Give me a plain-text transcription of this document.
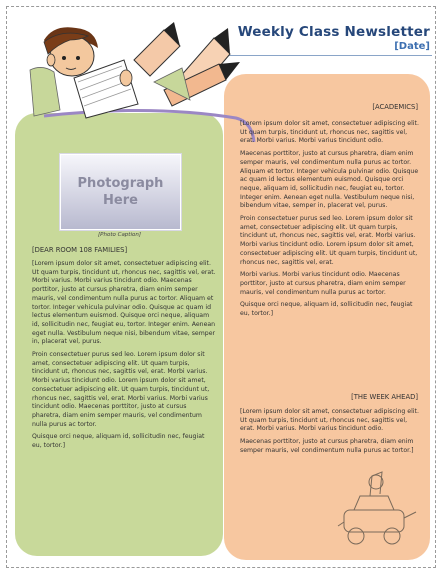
Weekly Class Newsletter
[Date]
Photograph
Here
[Photo Caption]
[DEAR ROOM 108 FAMILIES]

[Lorem ipsum dolor sit amet, consectetuer adipiscing elit. Ut quam turpis, tincidunt ut, rhoncus nec, sagittis vel, erat. Morbi varius. Morbi varius tincidunt odio. Maecenas porttitor, justo at cursus pharetra, diam enim semper mauris, vel condimentum nulla purus ac tortor. Aliquam et tortor. Integer vehicula pulvinar odio. Quisque ac quam id lectus elementum euismod. Quisque orci neque, aliquam id, sollicitudin nec, feugiat eu, tortor. Integer enim. Aenean eget nulla. Vestibulum neque nisi, bibendum vitae, semper in, placerat vel, purus.

Proin consectetuer purus sed leo. Lorem ipsum dolor sit amet, consectetuer adipiscing elit. Ut quam turpis, tincidunt ut, rhoncus nec, sagittis vel, erat. Morbi varius. Morbi varius tincidunt odio. Lorem ipsum dolor sit amet, consectetuer adipiscing elit. Ut quam turpis, tincidunt ut, rhoncus nec, sagittis vel, erat. Morbi varius. Morbi varius tincidunt odio. Maecenas porttitor, justo at cursus pharetra, diam enim semper mauris, vel condimentum nulla purus ac tortor.

Quisque orci neque, aliquam id, sollicitudin nec, feugiat eu, tortor.]

[ACADEMICS]

[Lorem ipsum dolor sit amet, consectetuer adipiscing elit. Ut quam turpis, tincidunt ut, rhoncus nec, sagittis vel, erat. Morbi varius. Morbi varius tincidunt odio.

Maecenas porttitor, justo at cursus pharetra, diam enim semper mauris, vel condimentum nulla purus ac tortor. Aliquam et tortor. Integer vehicula pulvinar odio. Quisque ac quam id lectus elementum euismod. Quisque orci neque, aliquam id, sollicitudin nec, feugiat eu, tortor. Integer enim. Aenean eget nulla. Vestibulum neque nisi, bibendum vitae, semper in, placerat vel, purus.

Proin consectetuer purus sed leo. Lorem ipsum dolor sit amet, consectetuer adipiscing elit. Ut quam turpis, tincidunt ut, rhoncus nec, sagittis vel, erat. Morbi varius. Morbi varius tincidunt odio. Lorem ipsum dolor sit amet, consectetuer adipiscing elit. Ut quam turpis, tincidunt ut, rhoncus nec, sagittis vel, erat.

Morbi varius. Morbi varius tincidunt odio. Maecenas porttitor, justo at cursus pharetra, diam enim semper mauris, vel condimentum nulla purus ac tortor.

Quisque orci neque, aliquam id, sollicitudin nec, feugiat eu, tortor.]

[THE WEEK AHEAD]

[Lorem ipsum dolor sit amet, consectetuer adipiscing elit. Ut quam turpis, tincidunt ut, rhoncus nec, sagittis vel, erat. Morbi varius. Morbi varius tincidunt odio.

Maecenas porttitor, justo at cursus pharetra, diam enim semper mauris, vel condimentum nulla purus ac tortor.]
